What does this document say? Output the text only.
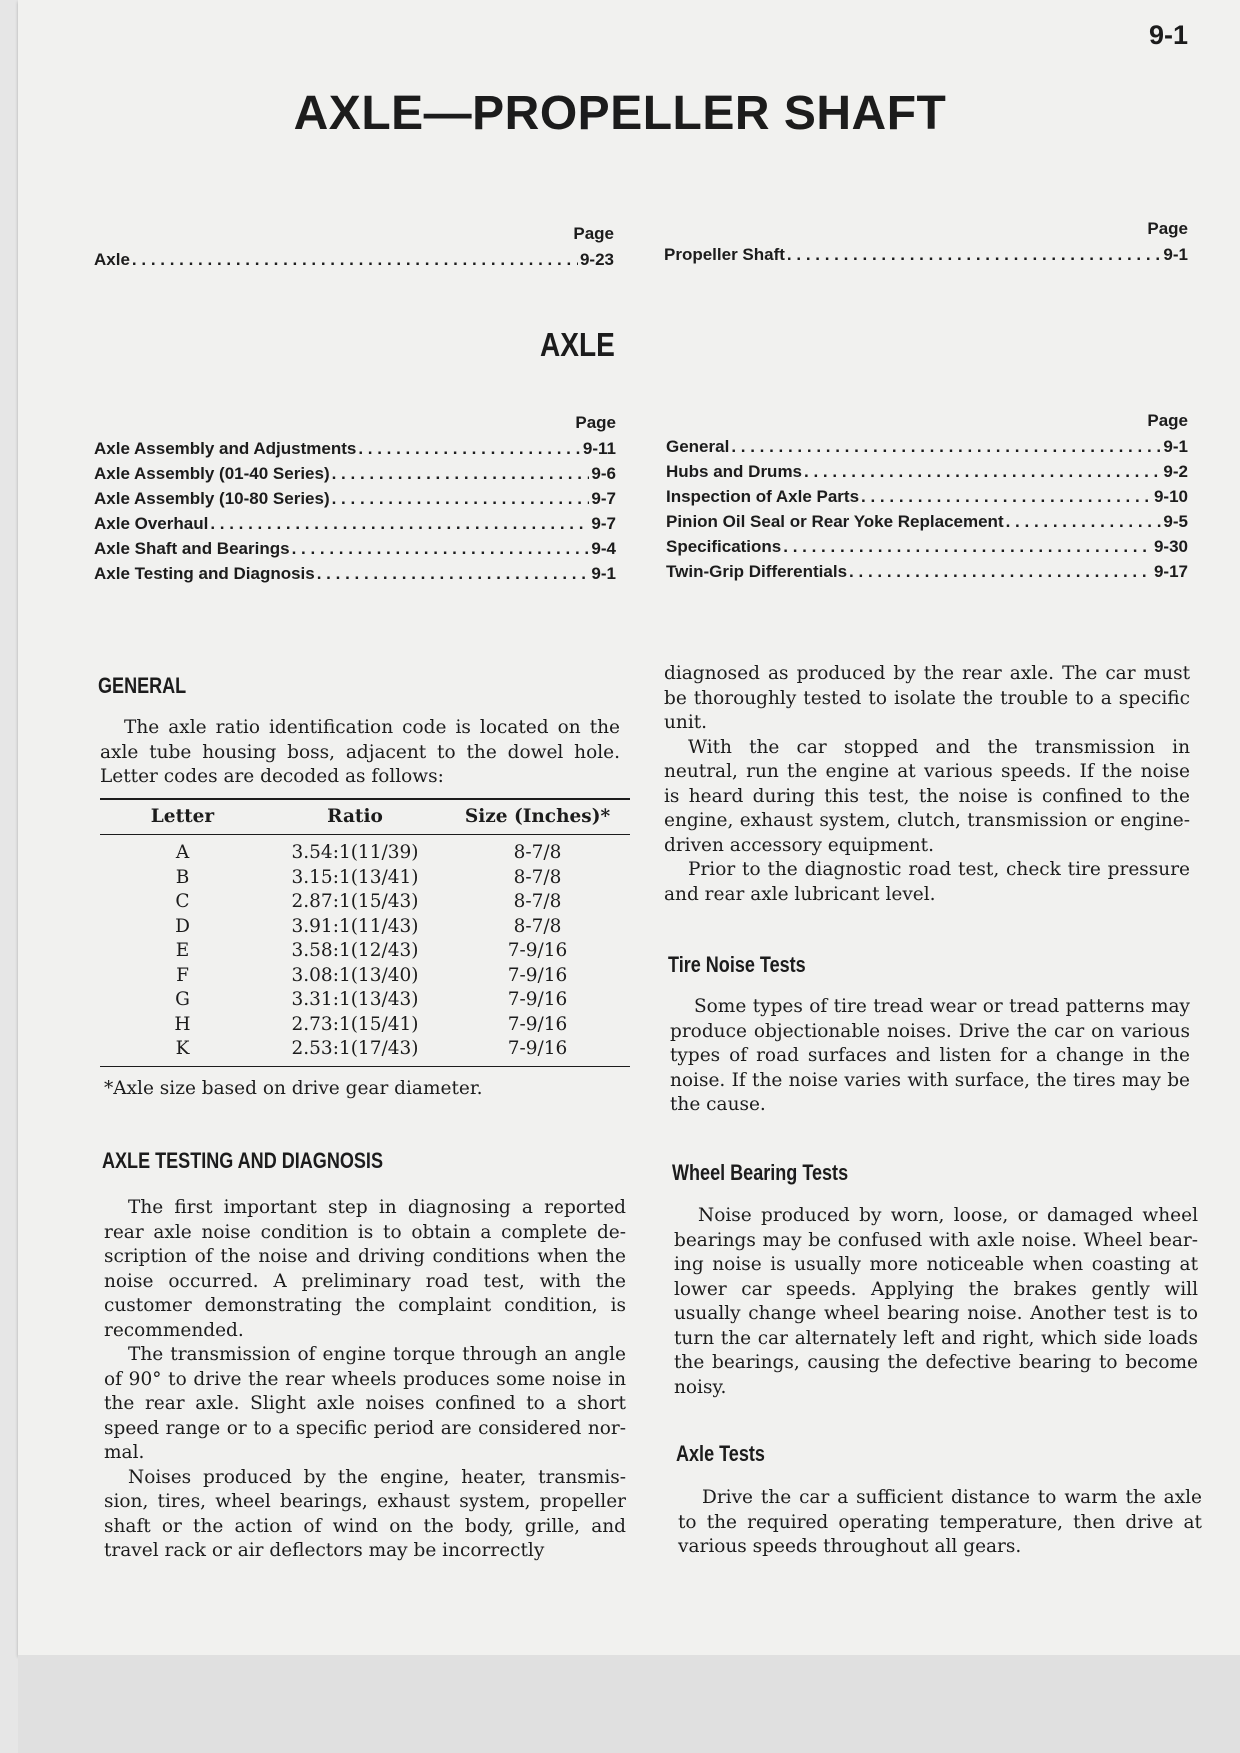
9-1
AXLE—PROPELLER SHAFT
Page
Axle . . .	9-23
Page
Propeller Shaft . . .	9-1
AXLE
Page
Axle Assembly and Adjustments . . .	9-11
Axle Assembly (01-40 Series) . . .	9-6
Axle Assembly (10-80 Series) . . .	9-7
Axle Overhaul . . .	9-7
Axle Shaft and Bearings . . .	9-4
Axle Testing and Diagnosis . . .	9-1
Page
General . . .	9-1
Hubs and Drums . . .	9-2
Inspection of Axle Parts . . .	9-10
Pinion Oil Seal or Rear Yoke Replacement . . .	9-5
Specifications . . .	9-30
Twin-Grip Differentials . . .	9-17
GENERAL

The axle ratio identification code is located on the axle tube housing boss, adjacent to the dowel hole. Letter codes are decoded as follows:

Letter	Ratio	Size (Inches)*
A	3.54:1(11/39)	8-7/8
B	3.15:1(13/41)	8-7/8
C	2.87:1(15/43)	8-7/8
D	3.91:1(11/43)	8-7/8
E	3.58:1(12/43)	7-9/16
F	3.08:1(13/40)	7-9/16
G	3.31:1(13/43)	7-9/16
H	2.73:1(15/41)	7-9/16
K	2.53:1(17/43)	7-9/16
*Axle size based on drive gear diameter.
AXLE TESTING AND DIAGNOSIS

The first important step in diagnosing a reported rear axle noise condition is to obtain a complete de-scription of the noise and driving conditions when the noise occurred. A preliminary road test, with the customer demonstrating the complaint condition, is recommended.

The transmission of engine torque through an angle of 90° to drive the rear wheels produces some noise in the rear axle. Slight axle noises confined to a short speed range or to a specific period are considered nor-mal.

Noises produced by the engine, heater, transmis-sion, tires, wheel bearings, exhaust system, propeller shaft or the action of wind on the body, grille, and travel rack or air deflectors may be incorrectly

diagnosed as produced by the rear axle. The car must be thoroughly tested to isolate the trouble to a specific unit.

With the car stopped and the transmission in neutral, run the engine at various speeds. If the noise is heard during this test, the noise is confined to the engine, exhaust system, clutch, transmission or engine-driven accessory equipment.

Prior to the diagnostic road test, check tire pressure and rear axle lubricant level.

Tire Noise Tests

Some types of tire tread wear or tread patterns may produce objectionable noises. Drive the car on various types of road surfaces and listen for a change in the noise. If the noise varies with surface, the tires may be the cause.

Wheel Bearing Tests

Noise produced by worn, loose, or damaged wheel bearings may be confused with axle noise. Wheel bear-ing noise is usually more noticeable when coasting at lower car speeds. Applying the brakes gently will usually change wheel bearing noise. Another test is to turn the car alternately left and right, which side loads the bearings, causing the defective bearing to become noisy.

Axle Tests

Drive the car a sufficient distance to warm the axle to the required operating temperature, then drive at various speeds throughout all gears.
